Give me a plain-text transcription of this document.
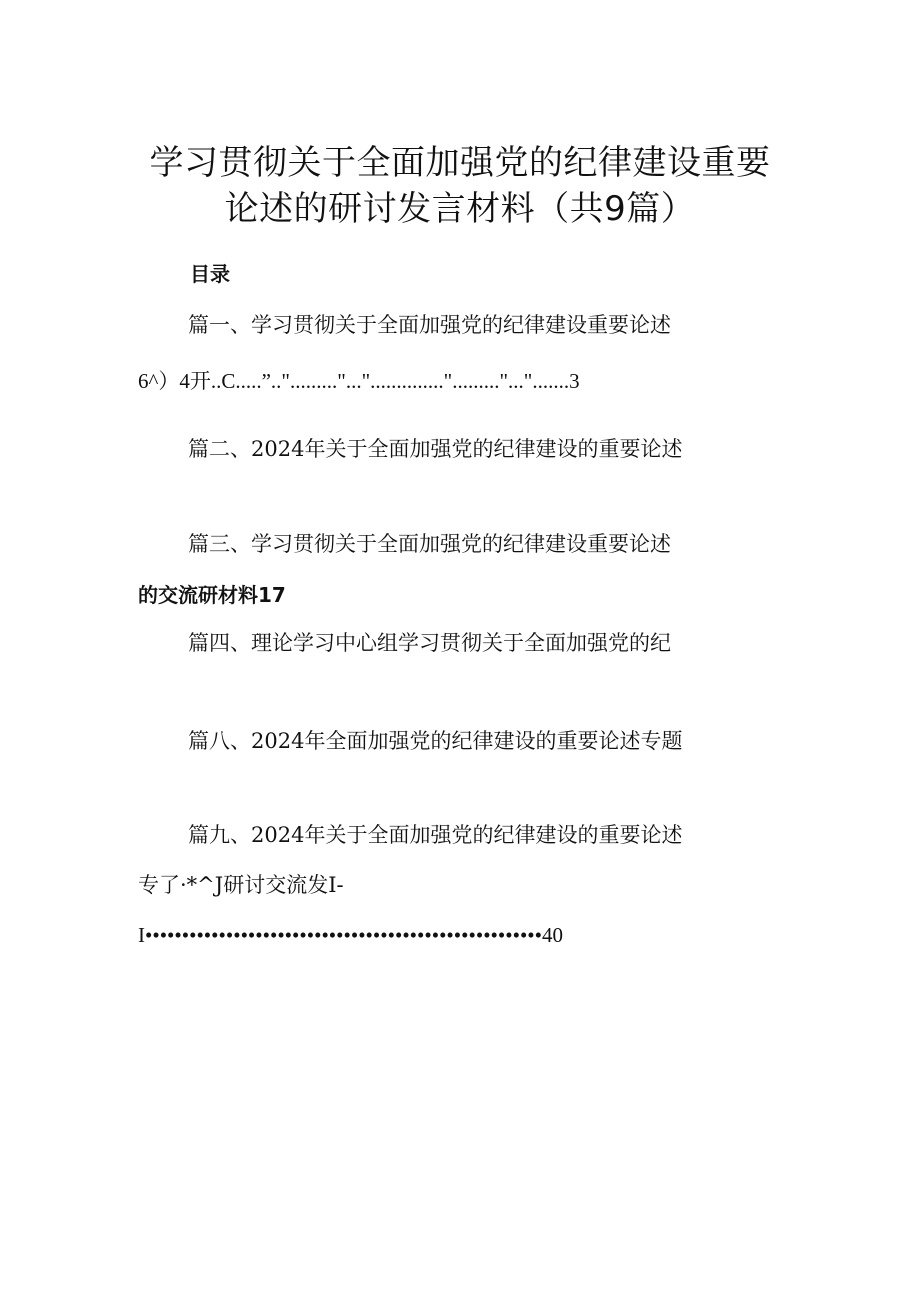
学习贯彻关于全面加强党的纪律建设重要
论述的研讨发言材料（共9篇）
目录
篇一、学习贯彻关于全面加强党的纪律建设重要论述
6^）4开..C.....”.."........."...".............."........."...".......3
篇二、2024年关于全面加强党的纪律建设的重要论述
篇三、学习贯彻关于全面加强党的纪律建设重要论述
的交流研材料17
篇四、理论学习中心组学习贯彻关于全面加强党的纪
篇八、2024年全面加强党的纪律建设的重要论述专题
篇九、2024年关于全面加强党的纪律建设的重要论述
专了·*^J研讨交流发I-
I••••••••••••••••••••••••••••••••••••••••••••••••••••••40
